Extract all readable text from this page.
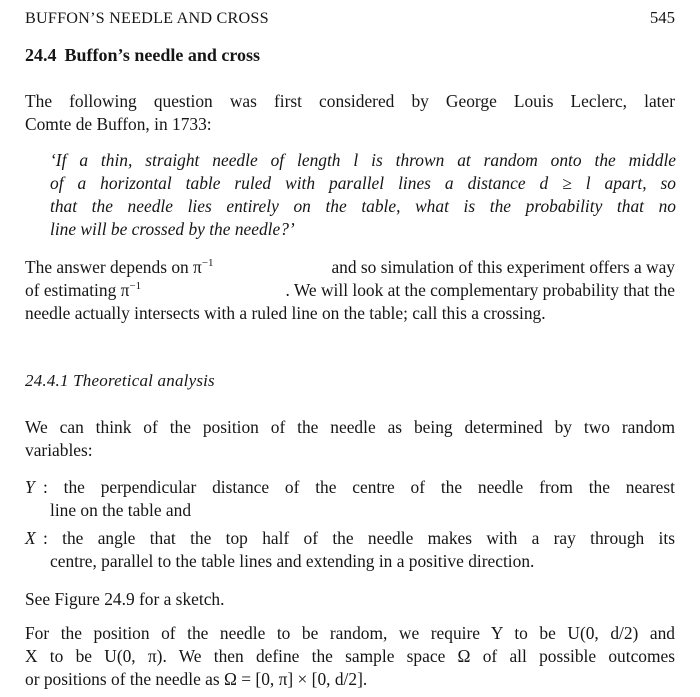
BUFFON’S NEEDLE AND CROSS	545
24.4 Buffon’s needle and cross
The following question was first considered by George Louis Leclerc, later
Comte de Buffon, in 1733:
‘If a thin, straight needle of length l is thrown at random onto the middle
of a horizontal table ruled with parallel lines a distance d ≥ l apart, so
that the needle lies entirely on the table, what is the probability that no
line will be crossed by the needle?’
The answer depends on $\pi^{-1}$	and so simulation of this experiment offers a way
of estimating $\pi^{-1}$	. We will look at the complementary probability that the
needle actually intersects with a ruled line on the table; call this a crossing.
24.4.1 Theoretical analysis
We can think of the position of the needle as being determined by two random
variables:
Y : the perpendicular distance of the centre of the needle from the nearest
line on the table and
X : the angle that the top half of the needle makes with a ray through its
centre, parallel to the table lines and extending in a positive direction.
See Figure 24.9 for a sketch.
For the position of the needle to be random, we require Y to be U(0, d/2) and
X to be U(0, π). We then define the sample space Ω of all possible outcomes
or positions of the needle as Ω = [0, π] × [0, d/2].
